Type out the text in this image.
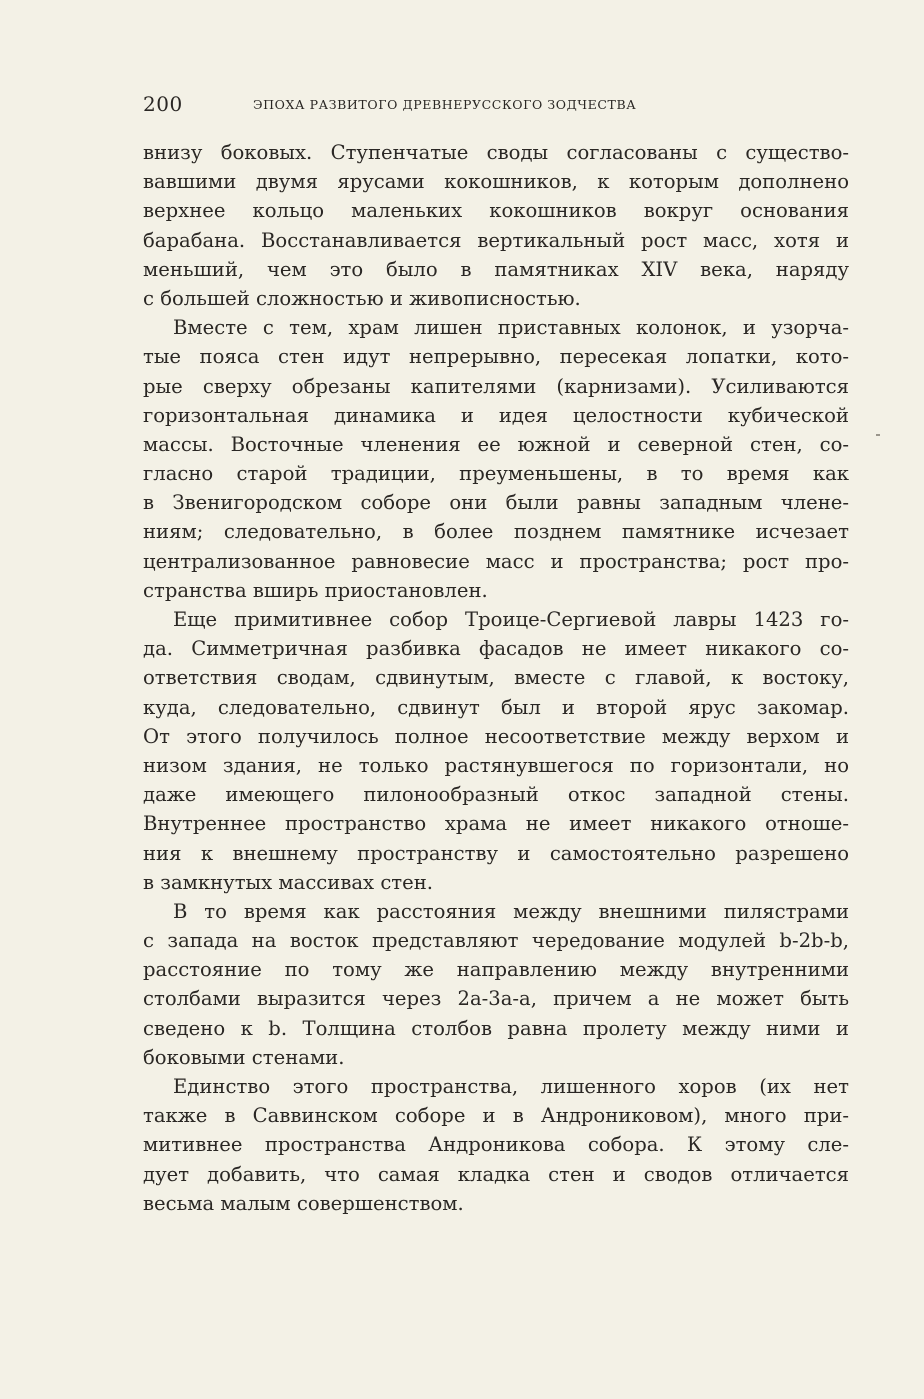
200	ЭПОХА РАЗВИТОГО ДРЕВНЕРУССКОГО ЗОДЧЕСТВА
внизу боковых. Ступенчатые своды согласованы с существо-
вавшими двумя ярусами кокошников, к которым дополнено
верхнее кольцо маленьких кокошников вокруг основания
барабана. Восстанавливается вертикальный рост масс, хотя и
меньший, чем это было в памятниках XIV века, наряду
с большей сложностью и живописностью.
Вместе с тем, храм лишен приставных колонок, и узорча-
тые пояса стен идут непрерывно, пересекая лопатки, кото-
рые сверху обрезаны капителями (карнизами). Усиливаются
горизонтальная динамика и идея целостности кубической
массы. Восточные членения ее южной и северной стен, со-
гласно старой традиции, преуменьшены, в то время как
в Звенигородском соборе они были равны западным члене-
ниям; следовательно, в более позднем памятнике исчезает
централизованное равновесие масс и пространства; рост про-
странства вширь приостановлен.
Еще примитивнее собор Троице-Сергиевой лавры 1423 го-
да. Симметричная разбивка фасадов не имеет никакого со-
ответствия сводам, сдвинутым, вместе с главой, к востоку,
куда, следовательно, сдвинут был и второй ярус закомар.
От этого получилось полное несоответствие между верхом и
низом здания, не только растянувшегося по горизонтали, но
даже имеющего пилонообразный откос западной стены.
Внутреннее пространство храма не имеет никакого отноше-
ния к внешнему пространству и самостоятельно разрешено
в замкнутых массивах стен.
В то время как расстояния между внешними пилястрами
с запада на восток представляют чередование модулей b-2b-b,
расстояние по тому же направлению между внутренними
столбами выразится через 2a-3a-a, причем a не может быть
сведено к b. Толщина столбов равна пролету между ними и
боковыми стенами.
Единство этого пространства, лишенного хоров (их нет
также в Саввинском соборе и в Андрониковом), много при-
митивнее пространства Андроникова собора. К этому сле-
дует добавить, что самая кладка стен и сводов отличается
весьма малым совершенством.
